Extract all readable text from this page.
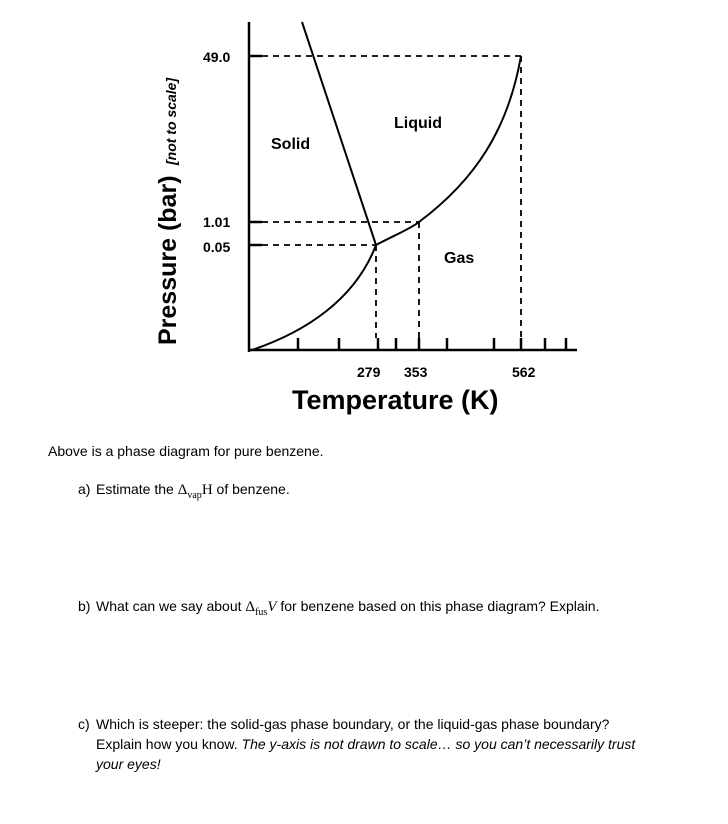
49.0
1.01
0.05
279 353	562
Solid
Liquid
Gas
Temperature (K)
Pressure (bar) [not to scale]
Above is a phase diagram for pure benzene.
a) Estimate the $\Delta_{vap}H$ of benzene.
b) What can we say about $\Delta_{fus}V$ for benzene based on this phase diagram? Explain.
c) Which is steeper: the solid-gas phase boundary, or the liquid-gas phase boundary?
Explain how you know. The y-axis is not drawn to scale… so you can’t necessarily trust
your eyes!
